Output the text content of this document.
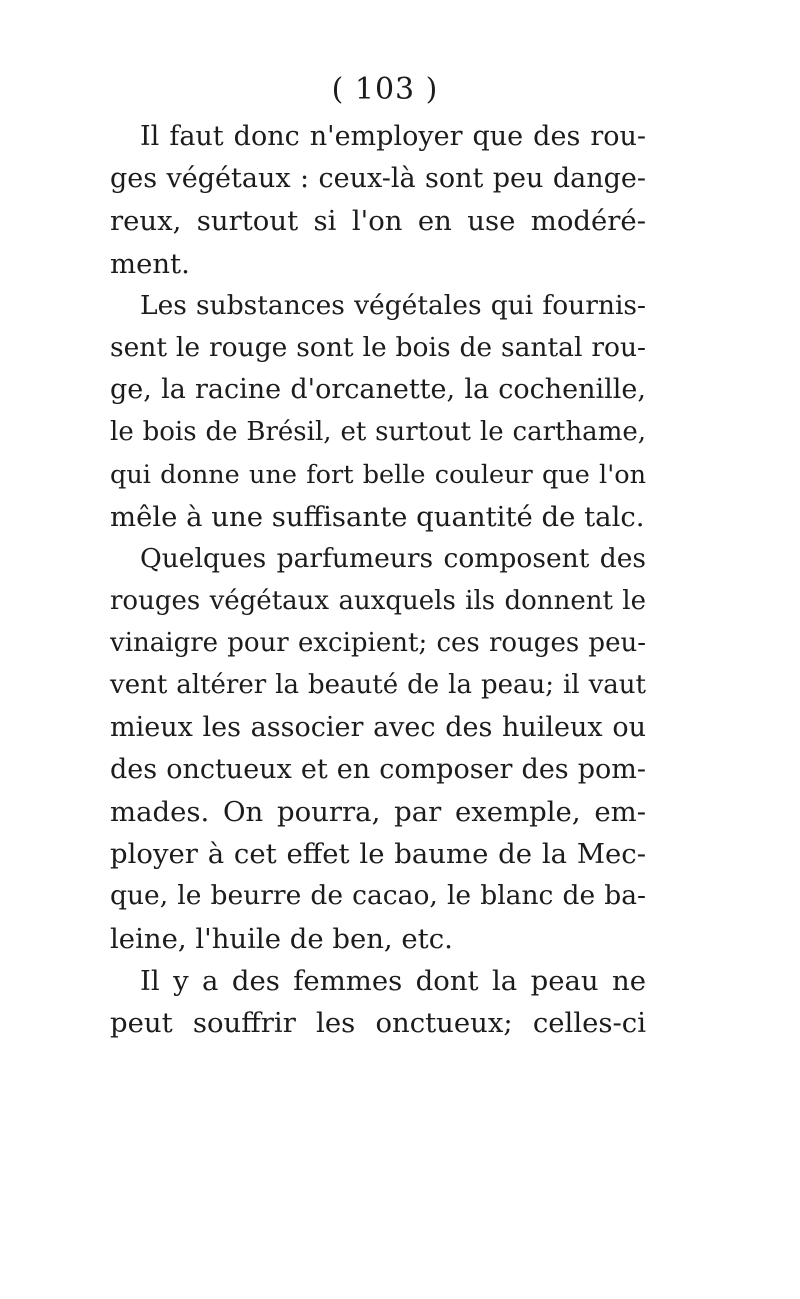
( 103 )
Il faut donc n'employer que des rou-
ges végétaux : ceux-là sont peu dange-
reux, surtout si l'on en use modéré-
ment.
Les substances végétales qui fournis-
sent le rouge sont le bois de santal rou-
ge, la racine d'orcanette, la cochenille,
le bois de Brésil, et surtout le carthame,
qui donne une fort belle couleur que l'on
mêle à une suffisante quantité de talc.
Quelques parfumeurs composent des
rouges végétaux auxquels ils donnent le
vinaigre pour excipient; ces rouges peu-
vent altérer la beauté de la peau; il vaut
mieux les associer avec des huileux ou
des onctueux et en composer des pom-
mades. On pourra, par exemple, em-
ployer à cet effet le baume de la Mec-
que, le beurre de cacao, le blanc de ba-
leine, l'huile de ben, etc.
Il y a des femmes dont la peau ne
peut souffrir les onctueux; celles-ci
